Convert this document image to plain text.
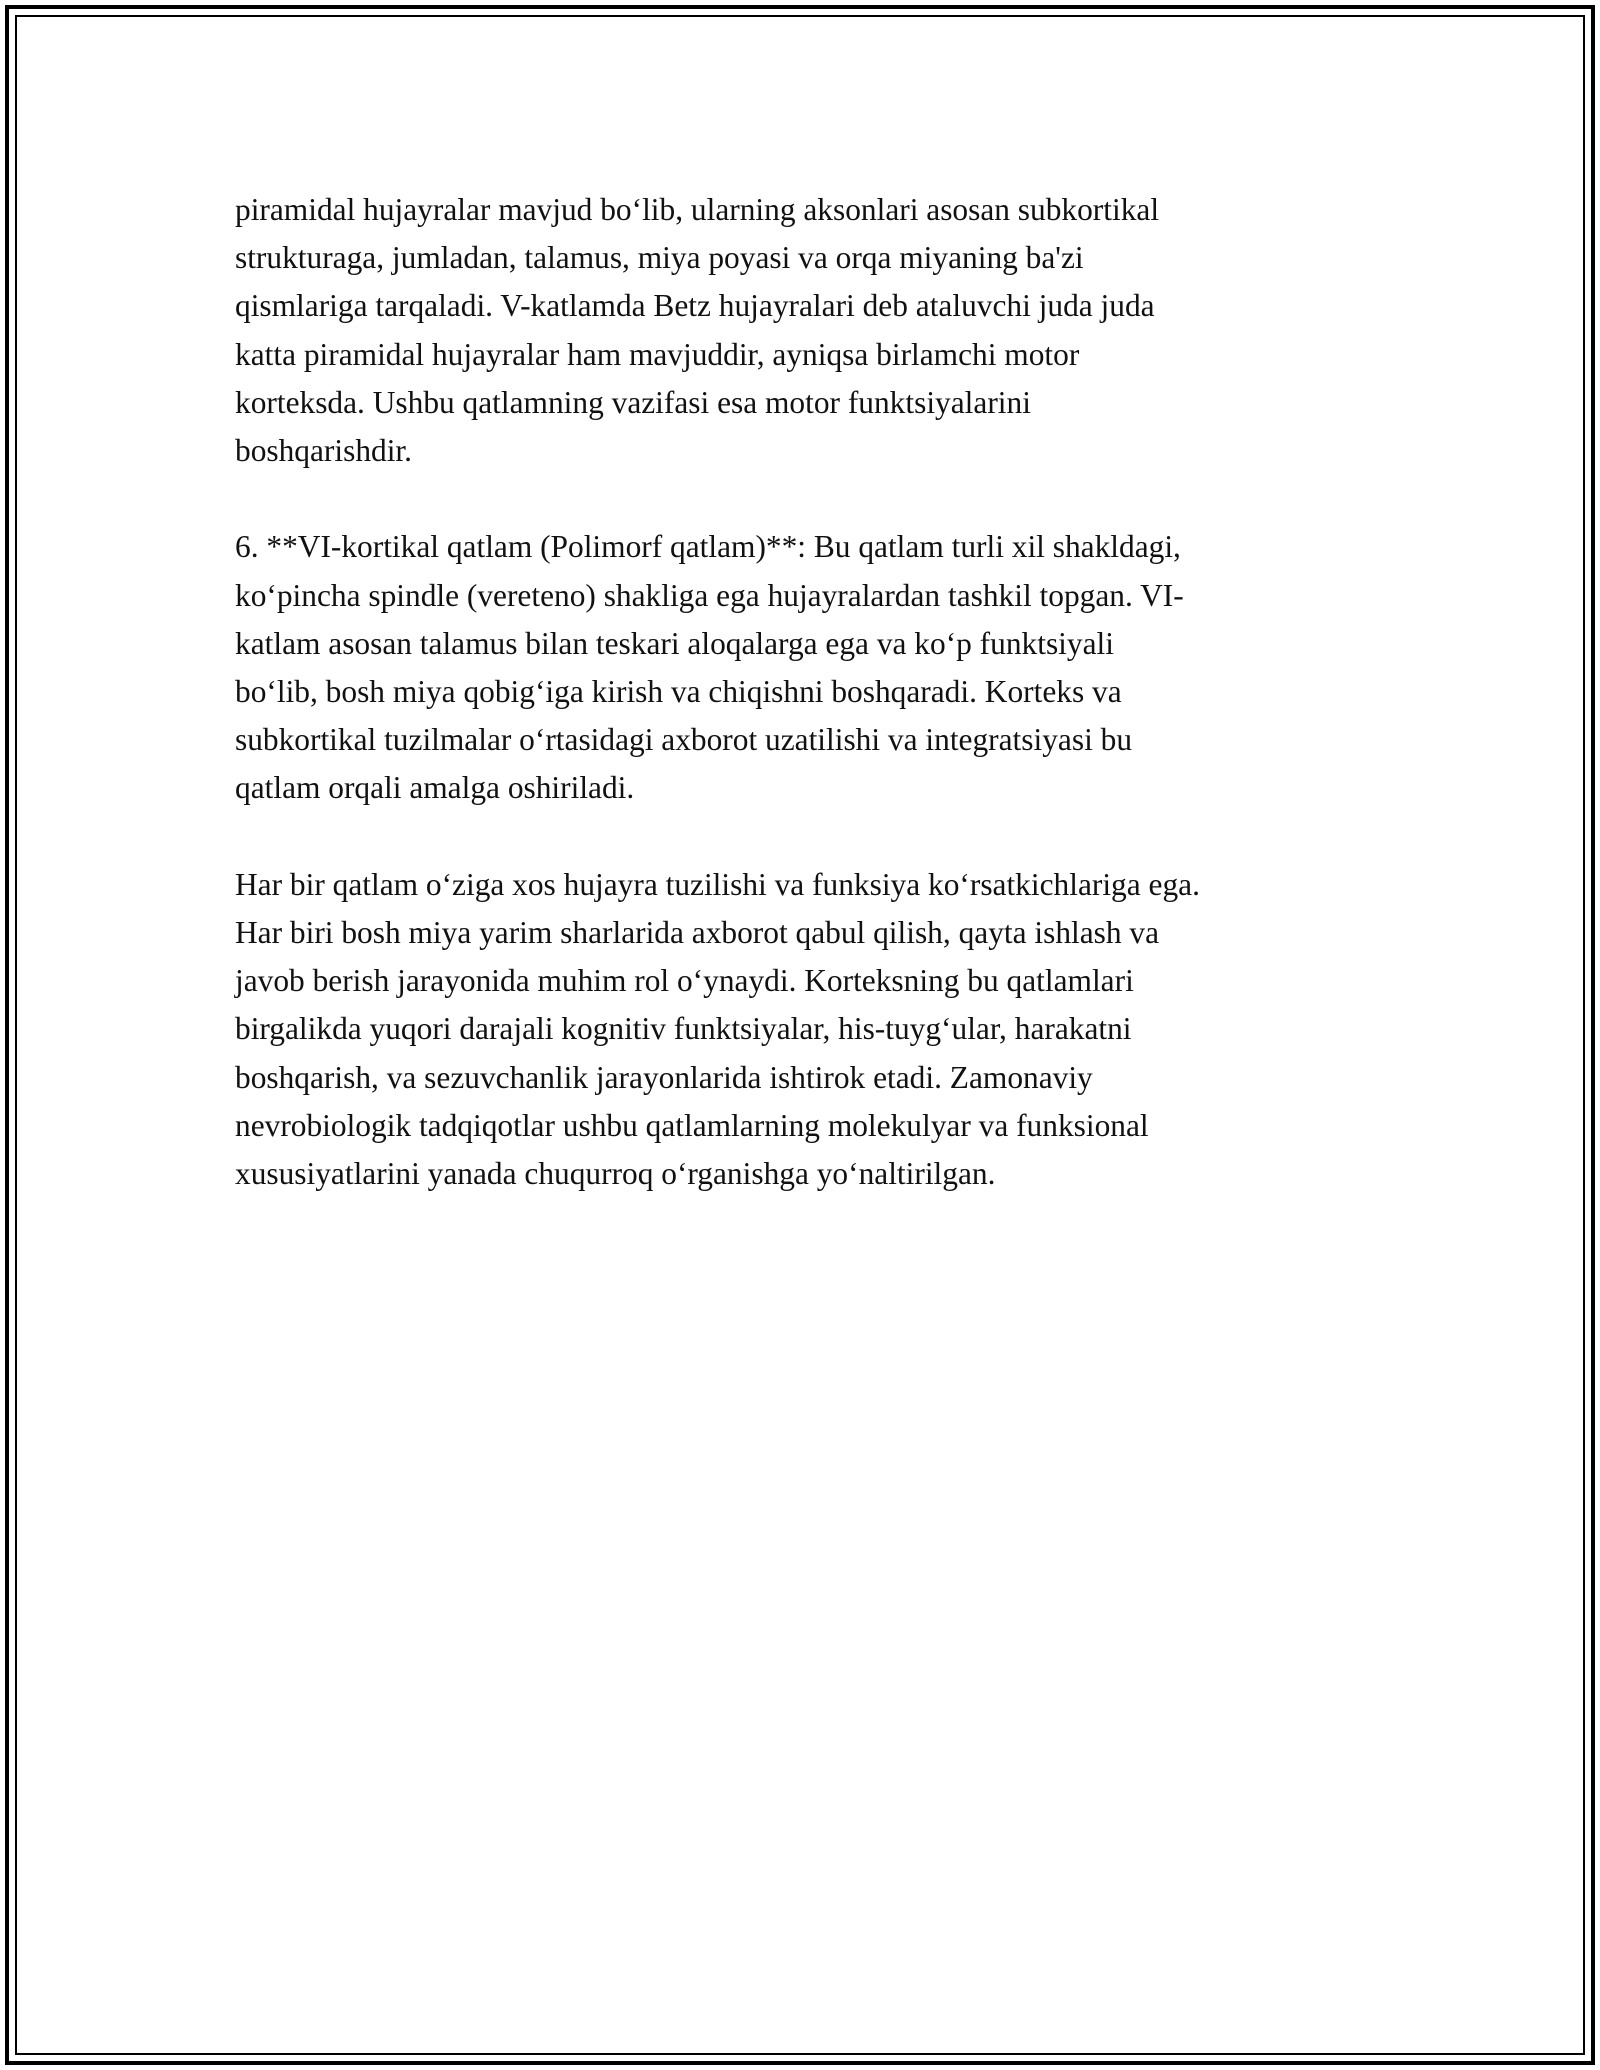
piramidal hujayralar mavjud bo‘lib, ularning aksonlari asosan subkortikal
strukturaga, jumladan, talamus, miya poyasi va orqa miyaning ba'zi
qismlariga tarqaladi. V-katlamda Betz hujayralari deb ataluvchi juda juda
katta piramidal hujayralar ham mavjuddir, ayniqsa birlamchi motor
korteksda. Ushbu qatlamning vazifasi esa motor funktsiyalarini
boshqarishdir.

6. **VI-kortikal qatlam (Polimorf qatlam)**: Bu qatlam turli xil shakldagi,
ko‘pincha spindle (vereteno) shakliga ega hujayralardan tashkil topgan. VI-
katlam asosan talamus bilan teskari aloqalarga ega va ko‘p funktsiyali
bo‘lib, bosh miya qobig‘iga kirish va chiqishni boshqaradi. Korteks va
subkortikal tuzilmalar o‘rtasidagi axborot uzatilishi va integratsiyasi bu
qatlam orqali amalga oshiriladi.

Har bir qatlam o‘ziga xos hujayra tuzilishi va funksiya ko‘rsatkichlariga ega.
Har biri bosh miya yarim sharlarida axborot qabul qilish, qayta ishlash va
javob berish jarayonida muhim rol o‘ynaydi. Korteksning bu qatlamlari
birgalikda yuqori darajali kognitiv funktsiyalar, his-tuyg‘ular, harakatni
boshqarish, va sezuvchanlik jarayonlarida ishtirok etadi. Zamonaviy
nevrobiologik tadqiqotlar ushbu qatlamlarning molekulyar va funksional
xususiyatlarini yanada chuqurroq o‘rganishga yo‘naltirilgan.
